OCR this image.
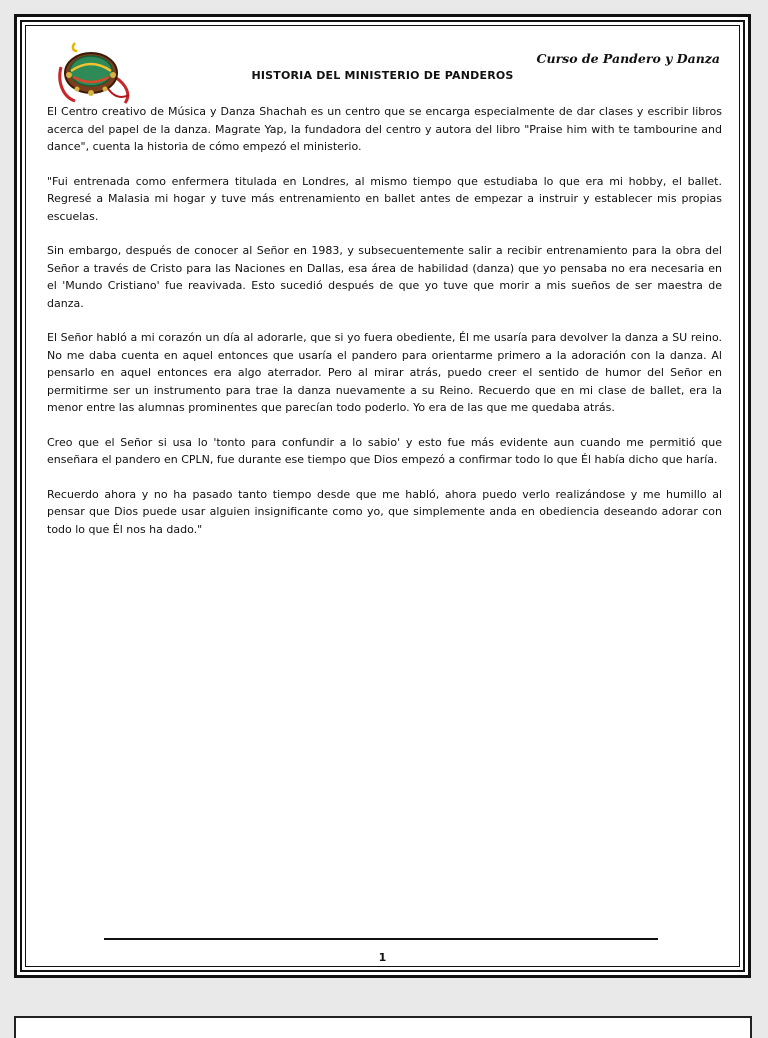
Curso de Pandero y Danza
HISTORIA DEL MINISTERIO DE PANDEROS

El Centro creativo de Música y Danza Shachah es un centro que se encarga especialmente de dar clases y escribir libros acerca del papel de la danza. Magrate Yap, la fundadora del centro y autora del libro "Praise him with te tambourine and dance", cuenta la historia de cómo empezó el ministerio.

"Fui entrenada como enfermera titulada en Londres, al mismo tiempo que estudiaba lo que era mi hobby, el ballet. Regresé a Malasia mi hogar y tuve más entrenamiento en ballet antes de empezar a instruir y establecer mis propias escuelas.

Sin embargo, después de conocer al Señor en 1983, y subsecuentemente salir a recibir entrenamiento para la obra del Señor a través de Cristo para las Naciones en Dallas, esa área de habilidad (danza) que yo pensaba no era necesaria en el 'Mundo Cristiano' fue reavivada. Esto sucedió después de que yo tuve que morir a mis sueños de ser maestra de danza.

El Señor habló a mi corazón un día al adorarle, que si yo fuera obediente, Él me usaría para devolver la danza a SU reino. No me daba cuenta en aquel entonces que usaría el pandero para orientarme primero a la adoración con la danza. Al pensarlo en aquel entonces era algo aterrador. Pero al mirar atrás, puedo creer el sentido de humor del Señor en permitirme ser un instrumento para trae la danza nuevamente a su Reino. Recuerdo que en mi clase de ballet, era la menor entre las alumnas prominentes que parecían todo poderlo. Yo era de las que me quedaba atrás.

Creo que el Señor si usa lo 'tonto para confundir a lo sabio' y esto fue más evidente aun cuando me permitió que enseñara el pandero en CPLN, fue durante ese tiempo que Dios empezó a confirmar todo lo que Él había dicho que haría.

Recuerdo ahora y no ha pasado tanto tiempo desde que me habló, ahora puedo verlo realizándose y me humillo al pensar que Dios puede usar alguien insignificante como yo, que simplemente anda en obediencia deseando adorar con todo lo que Él nos ha dado."

1
